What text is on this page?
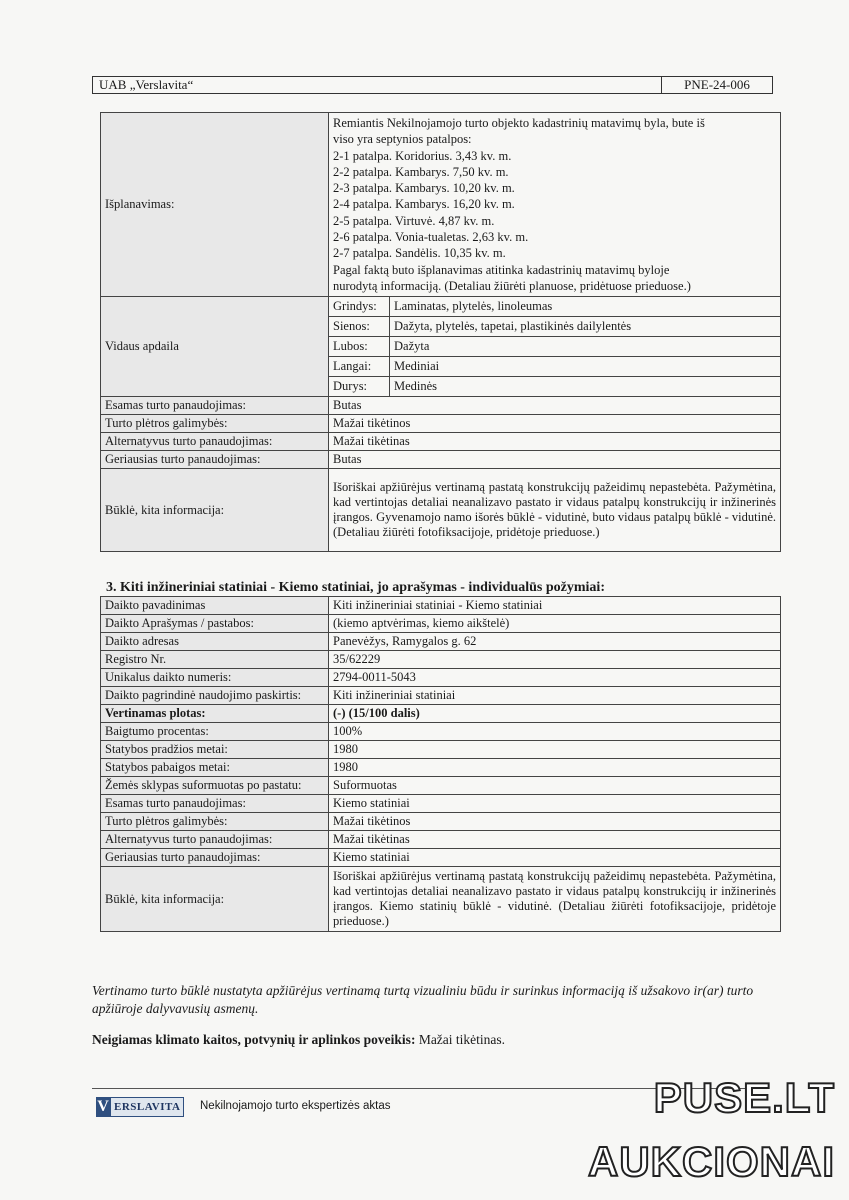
UAB „Verslavita“	PNE-24-006
Išplanavimas:	
Remiantis Nekilnojamojo turto objekto kadastrinių matavimų byla, bute iš
viso yra septynios patalpos:
2-1 patalpa. Koridorius. 3,43 kv. m.
2-2 patalpa. Kambarys. 7,50 kv. m.
2-3 patalpa. Kambarys. 10,20 kv. m.
2-4 patalpa. Kambarys. 16,20 kv. m.
2-5 patalpa. Virtuvė. 4,87 kv. m.
2-6 patalpa. Vonia-tualetas. 2,63 kv. m.
2-7 patalpa. Sandėlis. 10,35 kv. m.
Pagal faktą buto išplanavimas atitinka kadastrinių matavimų byloje
nurodytą informaciją. (Detaliau žiūrėti planuose, pridėtuose prieduose.)

Vidaus apdaila	
Grindys:	Laminatas, plytelės, linoleumas
Sienos:	Dažyta, plytelės, tapetai, plastikinės dailylentės
Lubos:	Dažyta
Langai:	Mediniai
Durys:	Medinės

Esamas turto panaudojimas:	Butas
Turto plėtros galimybės:	Mažai tikėtinos
Alternatyvus turto panaudojimas:	Mažai tikėtinas
Geriausias turto panaudojimas:	Butas
Būklė, kita informacija:	Išoriškai apžiūrėjus vertinamą pastatą konstrukcijų pažeidimų nepastebėta. Pažymėtina, kad vertintojas detaliai neanalizavo pastato ir vidaus patalpų konstrukcijų ir inžinerinės įrangos. Gyvenamojo namo išorės būklė - vidutinė, buto vidaus patalpų būklė - vidutinė. (Detaliau žiūrėti fotofiksacijoje, pridėtoje prieduose.)
3. Kiti inžineriniai statiniai - Kiemo statiniai, jo aprašymas - individualūs požymiai:
Daikto pavadinimas	Kiti inžineriniai statiniai - Kiemo statiniai
Daikto Aprašymas / pastabos:	(kiemo aptvėrimas, kiemo aikštelė)
Daikto adresas	Panevėžys, Ramygalos g. 62
Registro Nr.	35/62229
Unikalus daikto numeris:	2794-0011-5043
Daikto pagrindinė naudojimo paskirtis:	Kiti inžineriniai statiniai
Vertinamas plotas:	(-) (15/100 dalis)
Baigtumo procentas:	100%
Statybos pradžios metai:	1980
Statybos pabaigos metai:	1980
Žemės sklypas suformuotas po pastatu:	Suformuotas
Esamas turto panaudojimas:	Kiemo statiniai
Turto plėtros galimybės:	Mažai tikėtinos
Alternatyvus turto panaudojimas:	Mažai tikėtinas
Geriausias turto panaudojimas:	Kiemo statiniai
Būklė, kita informacija:	Išoriškai apžiūrėjus vertinamą pastatą konstrukcijų pažeidimų nepastebėta. Pažymėtina, kad vertintojas detaliai neanalizavo pastato ir vidaus patalpų konstrukcijų ir inžinerinės įrangos. Kiemo statinių būklė - vidutinė. (Detaliau žiūrėti fotofiksacijoje, pridėtoje prieduose.)
Vertinamo turto būklė nustatyta apžiūrėjus vertinamą turtą vizualiniu būdu ir surinkus informaciją iš užsakovo ir(ar) turto apžiūroje dalyvavusių asmenų.
Neigiamas klimato kaitos, potvynių ir aplinkos poveikis: Mažai tikėtinas.
V ERSLAVITA	Nekilnojamojo turto ekspertizės aktas	PUSE.LT
AUKCIONAI
